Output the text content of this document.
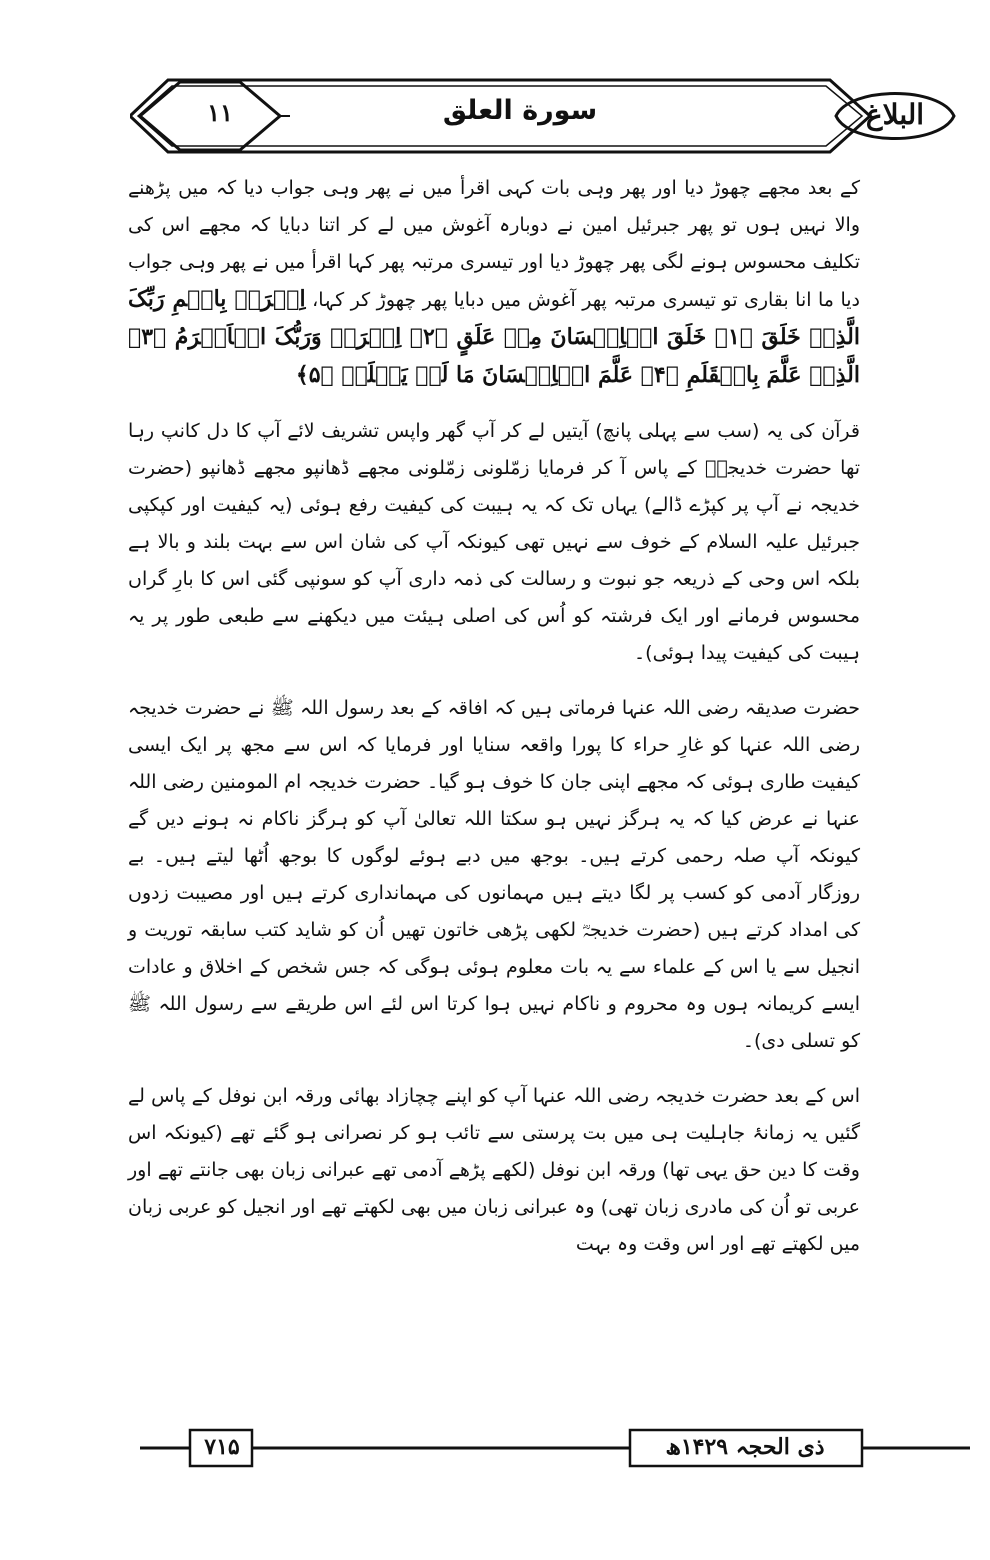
۱۱	سورة العلق	البلاغ

کے بعد مجھے چھوڑ دیا اور پھر وہی بات کہی اقرأ میں نے پھر وہی جواب دیا کہ میں پڑھنے والا نہیں ہوں تو پھر جبرئیل امین نے دوبارہ آغوش میں لے کر اتنا دبایا کہ مجھے اس کی تکلیف محسوس ہونے لگی پھر چھوڑ دیا اور تیسری مرتبہ پھر کہا اقرأ میں نے پھر وہی جواب دیا ما انا بقاری تو تیسری مرتبہ پھر آغوش میں دبایا پھر چھوڑ کر کہا، اِقۡرَاۡ بِاسۡمِ رَبِّکَ الَّذِیۡ خَلَقَ ﴿۱﴾ خَلَقَ الۡاِنۡسَانَ مِنۡ عَلَقٍ ﴿۲﴾ اِقۡرَاۡ وَرَبُّکَ الۡاَکۡرَمُ ﴿۳﴾ الَّذِیۡ عَلَّمَ بِالۡقَلَمِ ﴿۴﴾ عَلَّمَ الۡاِنۡسَانَ مَا لَمۡ یَعۡلَمۡ ﴿۵﴾

قرآن کی یہ (سب سے پہلی پانچ) آیتیں لے کر آپ گھر واپس تشریف لائے آپ کا دل کانپ رہا تھا حضرت خدیجہؓ کے پاس آ کر فرمایا زمّلونی زمّلونی مجھے ڈھانپو مجھے ڈھانپو (حضرت خدیجہ نے آپ پر کپڑے ڈالے) یہاں تک کہ یہ ہیبت کی کیفیت رفع ہوئی (یہ کیفیت اور کپکپی جبرئیل علیہ السلام کے خوف سے نہیں تھی کیونکہ آپ کی شان اس سے بہت بلند و بالا ہے بلکہ اس وحی کے ذریعہ جو نبوت و رسالت کی ذمہ داری آپ کو سونپی گئی اس کا بارِ گراں محسوس فرمانے اور ایک فرشتہ کو اُس کی اصلی ہیئت میں دیکھنے سے طبعی طور پر یہ ہیبت کی کیفیت پیدا ہوئی)۔

حضرت صدیقہ رضی اللہ عنہا فرماتی ہیں کہ افاقہ کے بعد رسول اللہ ﷺ نے حضرت خدیجہ رضی اللہ عنہا کو غارِ حراء کا پورا واقعہ سنایا اور فرمایا کہ اس سے مجھ پر ایک ایسی کیفیت طاری ہوئی کہ مجھے اپنی جان کا خوف ہو گیا۔ حضرت خدیجہ ام المومنین رضی اللہ عنہا نے عرض کیا کہ یہ ہرگز نہیں ہو سکتا اللہ تعالیٰ آپ کو ہرگز ناکام نہ ہونے دیں گے کیونکہ آپ صلہ رحمی کرتے ہیں۔ بوجھ میں دبے ہوئے لوگوں کا بوجھ اُٹھا لیتے ہیں۔ بے روزگار آدمی کو کسب پر لگا دیتے ہیں مہمانوں کی مہمانداری کرتے ہیں اور مصیبت زدوں کی امداد کرتے ہیں (حضرت خدیجہؓ لکھی پڑھی خاتون تھیں اُن کو شاید کتب سابقہ توریت و انجیل سے یا اس کے علماء سے یہ بات معلوم ہوئی ہوگی کہ جس شخص کے اخلاق و عادات ایسے کریمانہ ہوں وہ محروم و ناکام نہیں ہوا کرتا اس لئے اس طریقے سے رسول اللہ ﷺ کو تسلی دی)۔

اس کے بعد حضرت خدیجہ رضی اللہ عنہا آپ کو اپنے چچازاد بھائی ورقہ ابن نوفل کے پاس لے گئیں یہ زمانۂ جاہلیت ہی میں بت پرستی سے تائب ہو کر نصرانی ہو گئے تھے (کیونکہ اس وقت کا دین حق یہی تھا) ورقہ ابن نوفل (لکھے پڑھے آدمی تھے عبرانی زبان بھی جانتے تھے اور عربی تو اُن کی مادری زبان تھی) وہ عبرانی زبان میں بھی لکھتے تھے اور انجیل کو عربی زبان میں لکھتے تھے اور اس وقت وہ بہت

۷۱۵	ذی الحجہ ۱۴۲۹ھ
